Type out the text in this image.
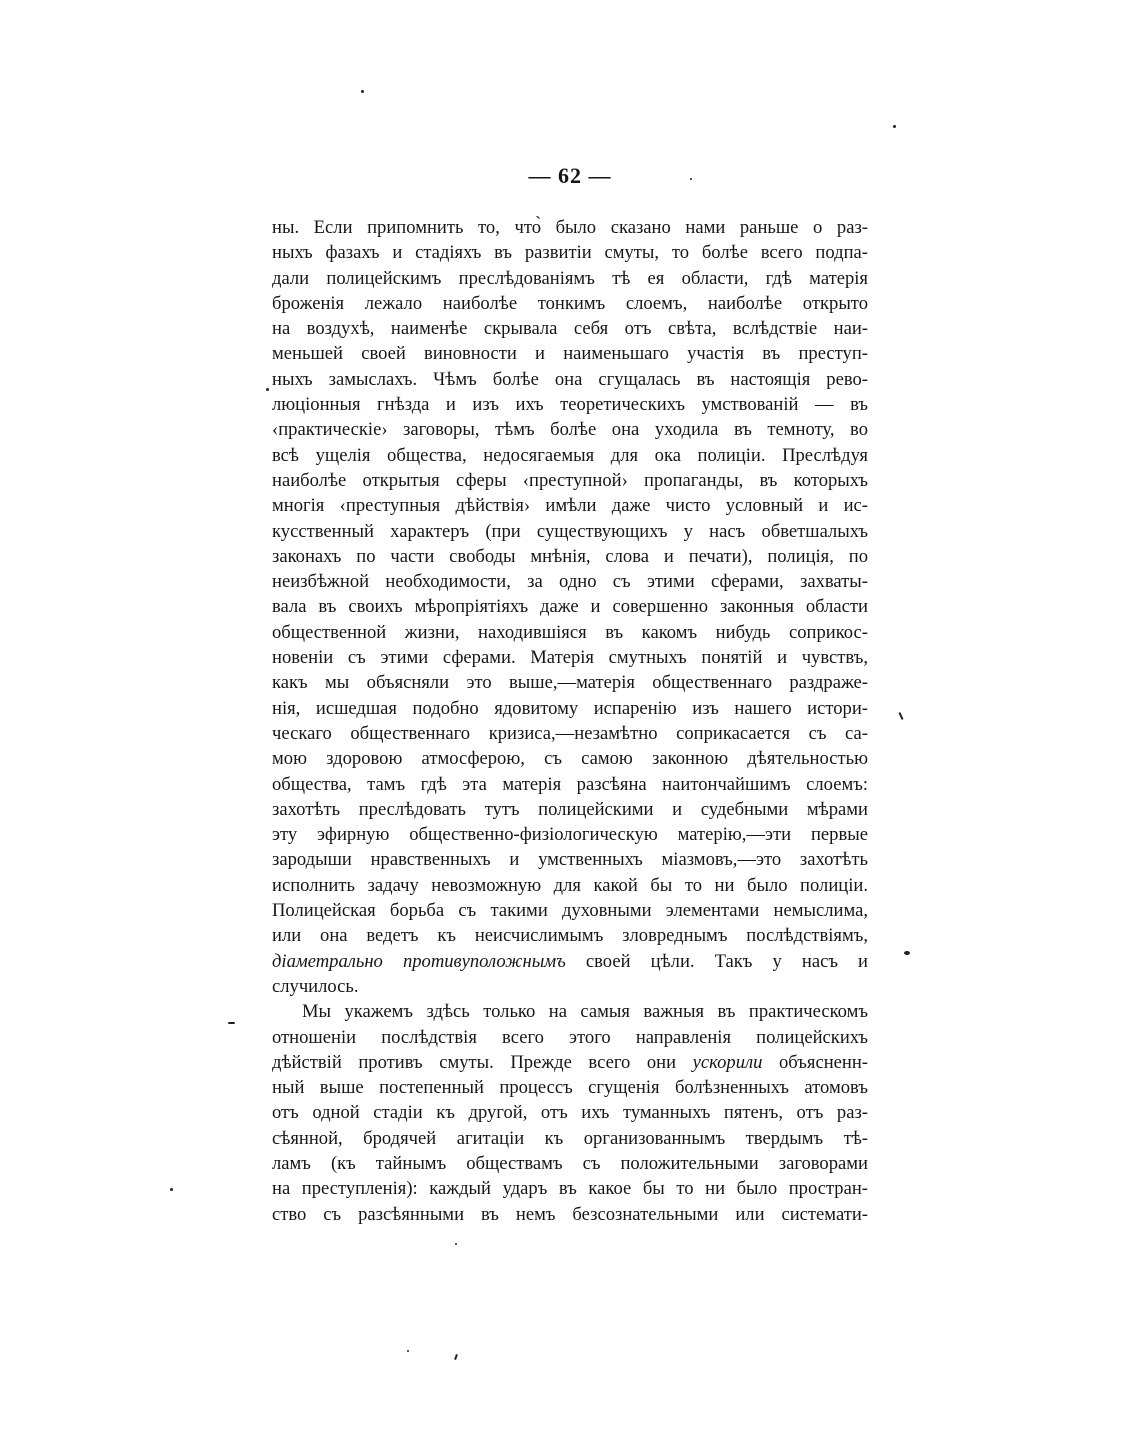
— 62 —
ны. Если припомнить то, что̀ было сказано нами раньше о раз-
ныхъ фазахъ и стадіяхъ въ развитіи смуты, то болѣе всего подпа-
дали полицейскимъ преслѣдованіямъ тѣ ея области, гдѣ матерія
броженія лежало наиболѣе тонкимъ слоемъ, наиболѣе открыто
на воздухѣ, наименѣе скрывала себя отъ свѣта, вслѣдствіе наи-
меньшей своей виновности и наименьшаго участія въ преступ-
ныхъ замыслахъ. Чѣмъ болѣе она сгущалась въ настоящія рево-
люціонныя гнѣзда и изъ ихъ теоретическихъ умствованій — въ
‹практическіе› заговоры, тѣмъ болѣе она уходила въ темноту, во
всѣ ущелія общества, недосягаемыя для ока полиціи. Преслѣдуя
наиболѣе открытыя сферы ‹преступной› пропаганды, въ которыхъ
многія ‹преступныя дѣйствія› имѣли даже чисто условный и ис-
кусственный характеръ (при существующихъ у насъ обветшалыхъ
законахъ по части свободы мнѣнія, слова и печати), полиція, по
неизбѣжной необходимости, за одно съ этими сферами, захваты-
вала въ своихъ мѣропріятіяхъ даже и совершенно законныя области
общественной жизни, находившіяся въ какомъ нибудь соприкос-
новеніи съ этими сферами. Матерія смутныхъ понятій и чувствъ,
какъ мы объясняли это выше,—матерія общественнаго раздраже-
нія, исшедшая подобно ядовитому испаренію изъ нашего истори-
ческаго общественнаго кризиса,—незамѣтно соприкасается съ са-
мою здоровою атмосферою, съ самою законною дѣятельностью
общества, тамъ гдѣ эта матерія разсѣяна наитончайшимъ слоемъ:
захотѣть преслѣдовать тутъ полицейскими и судебными мѣрами
эту эфирную общественно-физіологическую матерію,—эти первые
зародыши нравственныхъ и умственныхъ міазмовъ,—это захотѣть
исполнить задачу невозможную для какой бы то ни было полиціи.
Полицейская борьба съ такими духовными элементами немыслима,
или она ведетъ къ неисчислимымъ зловреднымъ послѣдствіямъ,
діаметрально противуположнымъ своей цѣли. Такъ у насъ и
случилось.
Мы укажемъ здѣсь только на самыя важныя въ практическомъ
отношеніи послѣдствія всего этого направленія полицейскихъ
дѣйствій противъ смуты. Прежде всего они ускорили объясненн-
ный выше постепенный процессъ сгущенія болѣзненныхъ атомовъ
отъ одной стадіи къ другой, отъ ихъ туманныхъ пятенъ, отъ раз-
сѣянной, бродячей агитаціи къ организованнымъ твердымъ тѣ-
ламъ (къ тайнымъ обществамъ съ положительными заговорами
на преступленія): каждый ударъ въ какое бы то ни было простран-
ство съ разсѣянными въ немъ безсознательными или системати-
